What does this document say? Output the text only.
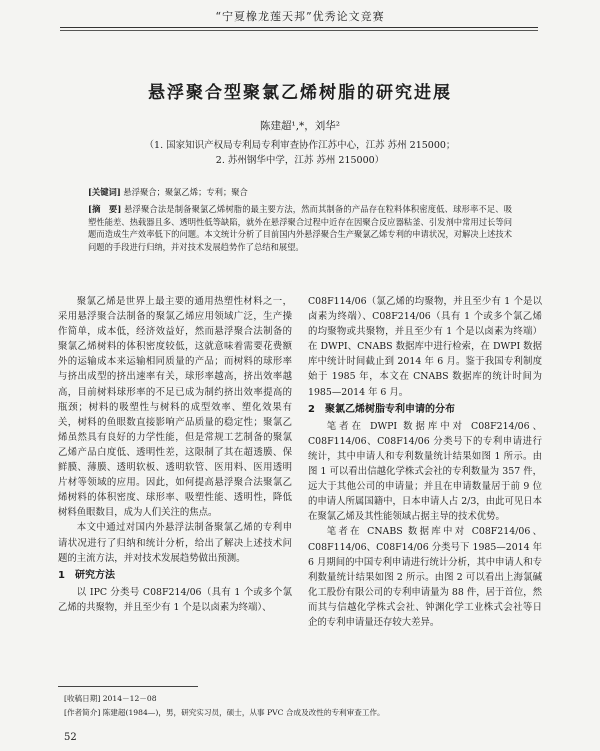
“宁夏橡龙莲天邦”优秀论文竞赛
悬浮聚合型聚氯乙烯树脂的研究进展
陈建超¹,*，刘华²
（1. 国家知识产权局专利局专利审查协作江苏中心，江苏 苏州 215000；
2. 苏州钢华中学，江苏 苏州 215000）
[关键词] 悬浮聚合；聚氯乙烯；专利；聚合
[摘　要] 悬浮聚合法是制备聚氯乙烯树脂的最主要方法，然而其制备的产品存在粒料体积密度低、球形率不足、吸塑性能差、热载器且多、透明性低等缺陷，就外在悬浮聚合过程中近存在因聚合反应器粘釜、引发剂中常用过长等问题而造成生产效率低下的问题。本文统计分析了目前国内外悬浮聚合生产聚氯乙烯专利的申请状况，对解决上述技术问题的手段进行归纳，并对技术发展趋势作了总结和展望。

聚氯乙烯是世界上最主要的通用热塑性材料之一，采用悬浮聚合法制备的聚氯乙烯应用领域广泛，生产操作简单，成本低，经济效益好，然而悬浮聚合法制备的聚氯乙烯树料的体积密度较低，这就意味着需要花费额外的运输成本来运输相同质量的产品；而树料的球形率与挤出成型的挤出速率有关，球形率越高，挤出效率越高，目前树料球形率的不足已成为制约挤出效率提高的瓶颈；树料的吸塑性与树料的成型效率、塑化效果有关，树料的鱼眼数直接影响产品质量的稳定性；聚氯乙烯虽然具有良好的力学性能，但是常规工艺制备的聚氯乙烯产品白度低、透明性差，这限制了其在超透膜、保鲜膜、薄膜、透明软板、透明软管、医用料、医用透明片材等领域的应用。因此，如何提高悬浮聚合法聚氯乙烯树料的体积密度、球形率、吸塑性能、透明性，降低树料鱼眼数目，成为人们关注的焦点。

本文中通过对国内外悬浮法制备聚氯乙烯的专利申请状况进行了归纳和统计分析，给出了解决上述技术问题的主流方法，并对技术发展趋势做出预测。

1　研究方法

以 IPC 分类号 C08F214/06（具有 1 个或多个氯乙烯的共聚物，并且至少有 1 个是以卤素为终端）、

C08F114/06（氯乙烯的均聚物，并且至少有 1 个是以卤素为终端）、C08F214/06（具有 1 个或多个氯乙烯的均聚物或共聚物，并且至少有 1 个是以卤素为终端）在 DWPI、CNABS 数据库中进行检索，在 DWPI 数据库中统计时间截止到 2014 年 6 月。鉴于我国专利制度始于 1985 年，本文在 CNABS 数据库的统计时间为 1985—2014 年 6 月。

2　聚氯乙烯树脂专利申请的分布

笔者在 DWPI 数据库中对 C08F214/06、C08F114/06、C08F14/06 分类号下的专利申请进行统计，其中申请人和专利数量统计结果如图 1 所示。由图 1 可以看出信越化学株式会社的专利数量为 357 件，远大于其他公司的申请量；并且在申请数量居于前 9 位的申请人所属国籍中，日本申请人占 2/3，由此可见日本在聚氯乙烯及其性能领域占据主导的技术优势。

笔者在 CNABS 数据库中对 C08F214/06、C08F114/06、C08F14/06 分类号下 1985—2014 年 6 月期间的中国专利申请进行统计分析，其中申请人和专利数量统计结果如图 2 所示。由图 2 可以看出上海氯碱化工股份有限公司的专利申请量为 88 件，居于首位，然而其与信越化学株式会社、钟渊化学工业株式会社等日企的专利申请量还存较大差异。

[收稿日期] 2014－12－08
[作者简介] 陈建超(1984—)，男，研究实习员，硕士，从事 PVC 合成及改性的专利审查工作。
52
